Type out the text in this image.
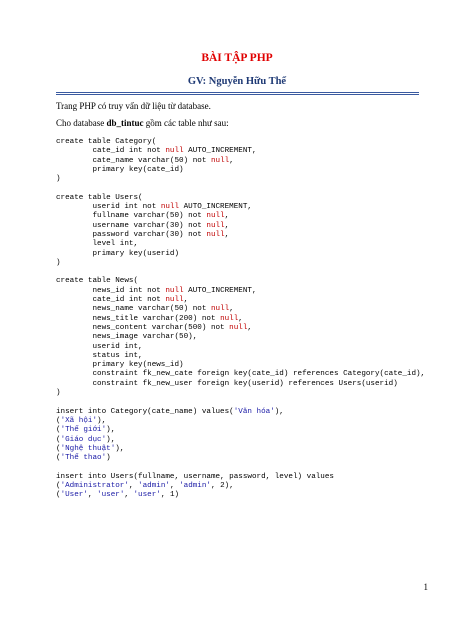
BÀI TẬP PHP
GV: Nguyễn Hữu Thể
Trang PHP có truy vấn dữ liệu từ database.
Cho database db_tintuc gồm các table như sau:
create table Category(
cate_id int not null AUTO_INCREMENT,
cate_name varchar(50) not null,
primary key(cate_id)
)
create table Users(
userid int not null AUTO_INCREMENT,
fullname varchar(50) not null,
username varchar(30) not null,
password varchar(30) not null,
level int,
primary key(userid)
)
create table News(
news_id int not null AUTO_INCREMENT,
cate_id int not null,
news_name varchar(50) not null,
news_title varchar(200) not null,
news_content varchar(500) not null,
news_image varchar(50),
userid int,
status int,
primary key(news_id)
constraint fk_new_cate foreign key(cate_id) references Category(cate_id),
constraint fk_new_user foreign key(userid) references Users(userid)
)
insert into Category(cate_name) values('Văn hóa'),
('Xã hội'),
('Thế giới'),
('Giáo dục'),
('Nghệ thuật'),
('Thể thao')
insert into Users(fullname, username, password, level) values
('Administrator', 'admin', 'admin', 2),
('User', 'user', 'user', 1)
1
